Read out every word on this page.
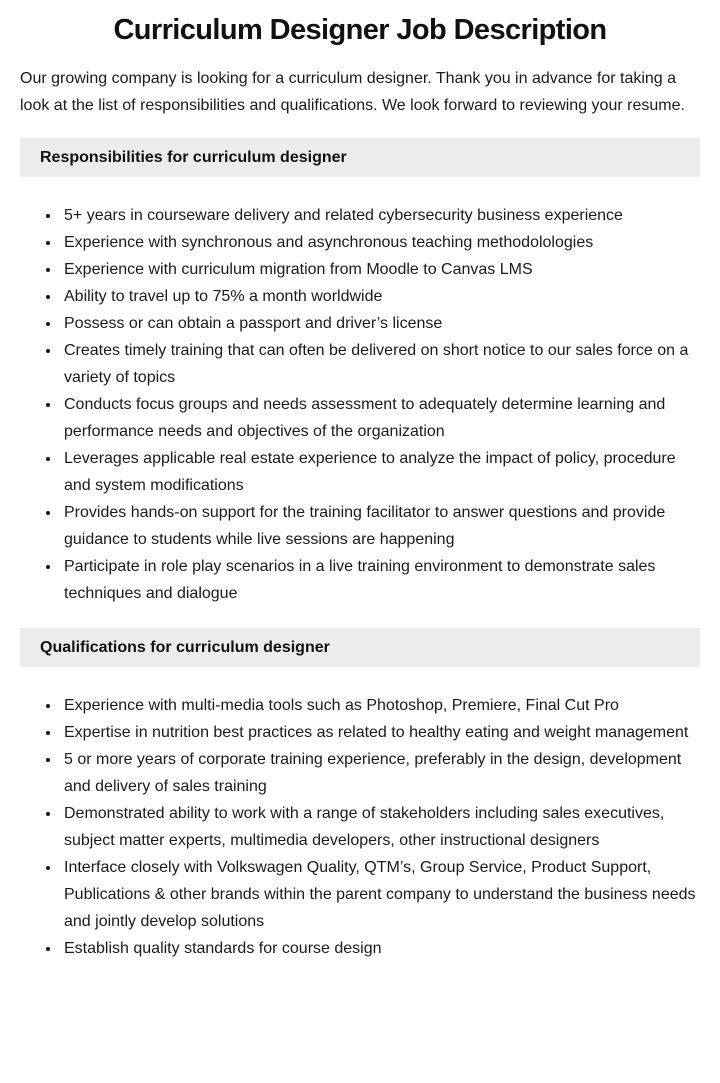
Curriculum Designer Job Description

Our growing company is looking for a curriculum designer. Thank you in advance for taking a look at the list of responsibilities and qualifications. We look forward to reviewing your resume.

Responsibilities for curriculum designer
• 5+ years in courseware delivery and related cybersecurity business experience
• Experience with synchronous and asynchronous teaching methodolologies
• Experience with curriculum migration from Moodle to Canvas LMS
• Ability to travel up to 75% a month worldwide
• Possess or can obtain a passport and driver’s license
• Creates timely training that can often be delivered on short notice to our sales force on a variety of topics
• Conducts focus groups and needs assessment to adequately determine learning and performance needs and objectives of the organization
• Leverages applicable real estate experience to analyze the impact of policy, procedure and system modifications
• Provides hands-on support for the training facilitator to answer questions and provide guidance to students while live sessions are happening
• Participate in role play scenarios in a live training environment to demonstrate sales techniques and dialogue
Qualifications for curriculum designer
• Experience with multi-media tools such as Photoshop, Premiere, Final Cut Pro
• Expertise in nutrition best practices as related to healthy eating and weight management
• 5 or more years of corporate training experience, preferably in the design, development and delivery of sales training
• Demonstrated ability to work with a range of stakeholders including sales executives, subject matter experts, multimedia developers, other instructional designers
• Interface closely with Volkswagen Quality, QTM’s, Group Service, Product Support, Publications & other brands within the parent company to understand the business needs and jointly develop solutions
• Establish quality standards for course design
